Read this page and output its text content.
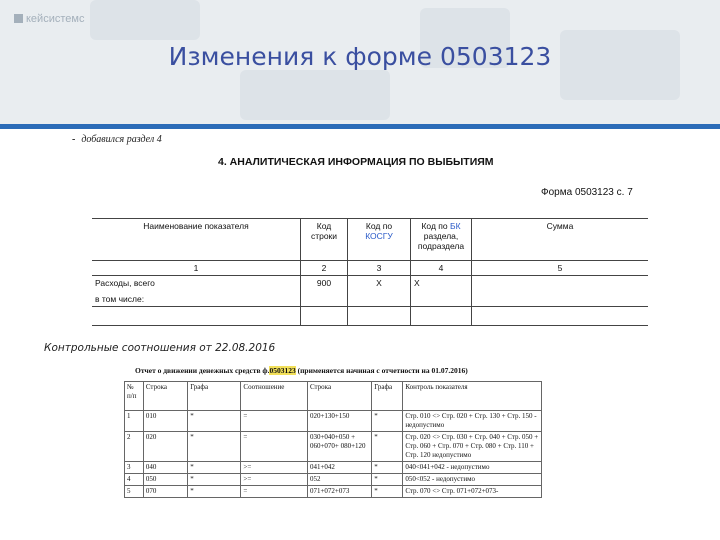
кейсистемс
Изменения к форме 0503123
- добавился раздел 4
4. АНАЛИТИЧЕСКАЯ ИНФОРМАЦИЯ ПО ВЫБЫТИЯМ
Форма 0503123 с. 7
Наименование показателя	Код строки	Код по КОСГУ	Код по БК раздела, подраздела	Сумма
1	2	3	4	5
Расходы, всего	900	X	X	
в том числе:				

Контрольные соотношения от 22.08.2016
Отчет о движении денежных средств ф.0503123 (применяется начиная с отчетности на 01.07.2016)
№ п/п	Строка	Графа	Соотношение	Строка	Графа	Контроль показателя
1	010	*	=	020+130+150	*	Стр. 010 <> Стр. 020 + Стр. 130 + Стр. 150 - недопустимо
2	020	*	=	030+040+050 + 060+070+ 080+120	*	Стр. 020 <> Стр. 030 + Стр. 040 + Стр. 050 + Стр. 060 + Стр. 070 + Стр. 080 + Стр. 110 + Стр. 120 недопустимо
3	040	*	>=	041+042	*	040<041+042 - недопустимо
4	050	*	>=	052	*	050<052 - недопустимо
5	070	*	=	071+072+073	*	Стр. 070 <> Стр. 071+072+073-
